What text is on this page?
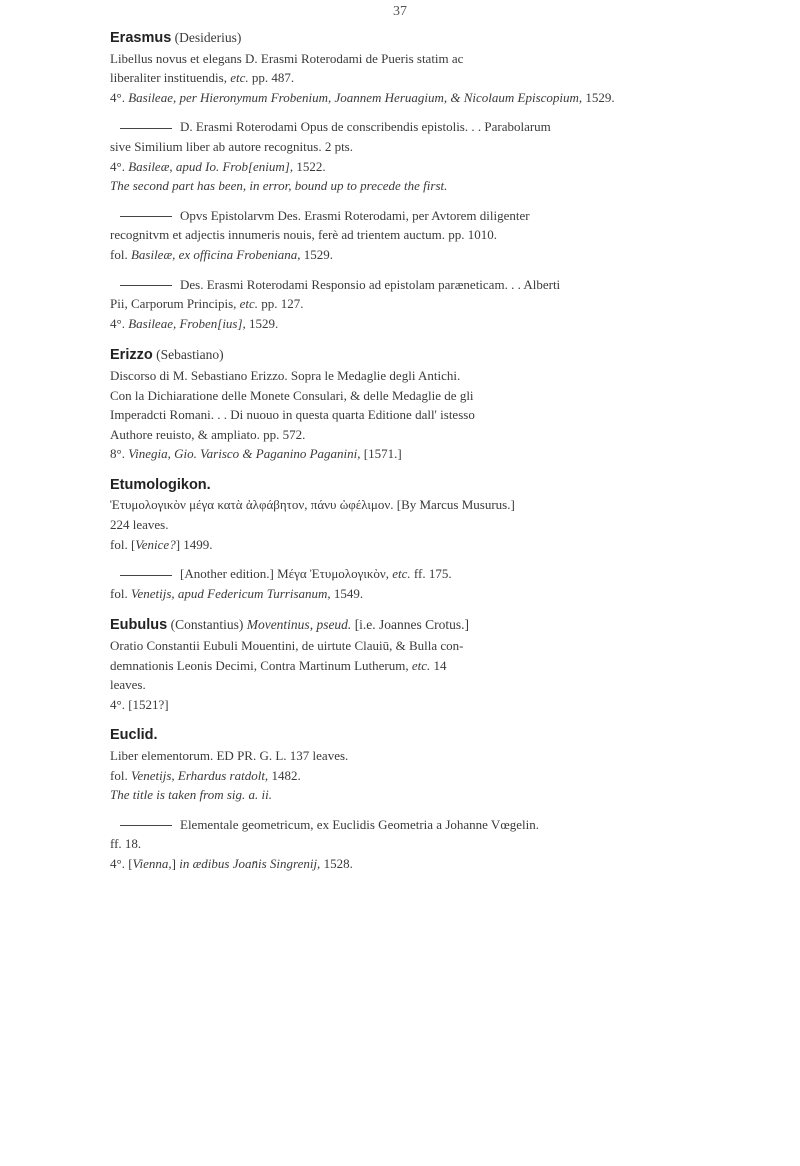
37
Erasmus (Desiderius)
Libellus novus et elegans D. Erasmi Roterodami de Pueris statim ac
liberaliter instituendis, etc. pp. 487.
4°. Basileae, per Hieronymum Frobenium, Joannem Heruagium, & Nicolaum Episcopium, 1529.
D. Erasmi Roterodami Opus de conscribendis epistolis. . . Parabolarum
sive Similium liber ab autore recognitus. 2 pts.
4°. Basileæ, apud Io. Frob[enium], 1522.
The second part has been, in error, bound up to precede the first.
Opvs Epistolarvm Des. Erasmi Roterodami, per Avtorem diligenter
recognitvm et adjectis innumeris nouis, ferè ad trientem auctum. pp. 1010.
fol. Basileæ, ex officina Frobeniana, 1529.
Des. Erasmi Roterodami Responsio ad epistolam paræneticam. . . Alberti
Pii, Carporum Principis, etc. pp. 127.
4°. Basileae, Froben[ius], 1529.
Erizzo (Sebastiano)
Discorso di M. Sebastiano Erizzo. Sopra le Medaglie degli Antichi.
Con la Dichiaratione delle Monete Consulari, & delle Medaglie de gli
Imperadcti Romani. . . Di nuouo in questa quarta Editione dall' istesso
Authore reuisto, & ampliato. pp. 572.
8°. Vinegia, Gio. Varisco & Paganino Paganini, [1571.]
Etumologikon.
Ἐτυμολογικὸν μέγα κατὰ ἀλφάβητον, πάνυ ὠφέλιμον. [By Marcus Musurus.]
224 leaves.
fol. [Venice?] 1499.
[Another edition.] Μέγα Ἐτυμολογικὸν, etc. ff. 175.
fol. Venetijs, apud Federicum Turrisanum, 1549.
Eubulus (Constantius) Moventinus, pseud. [i.e. Joannes Crotus.]
Oratio Constantii Eubuli Mouentini, de uirtute Clauiū, & Bulla con-
demnationis Leonis Decimi, Contra Martinum Lutherum, etc. 14
leaves.
4°. [1521?]
Euclid.
Liber elementorum. ED PR. G. L. 137 leaves.
fol. Venetijs, Erhardus ratdolt, 1482.
The title is taken from sig. a. ii.
Elementale geometricum, ex Euclidis Geometria a Johanne Vœgelin.
ff. 18.
4°. [Vienna,] in ædibus Joan̄is Singrenij, 1528.
